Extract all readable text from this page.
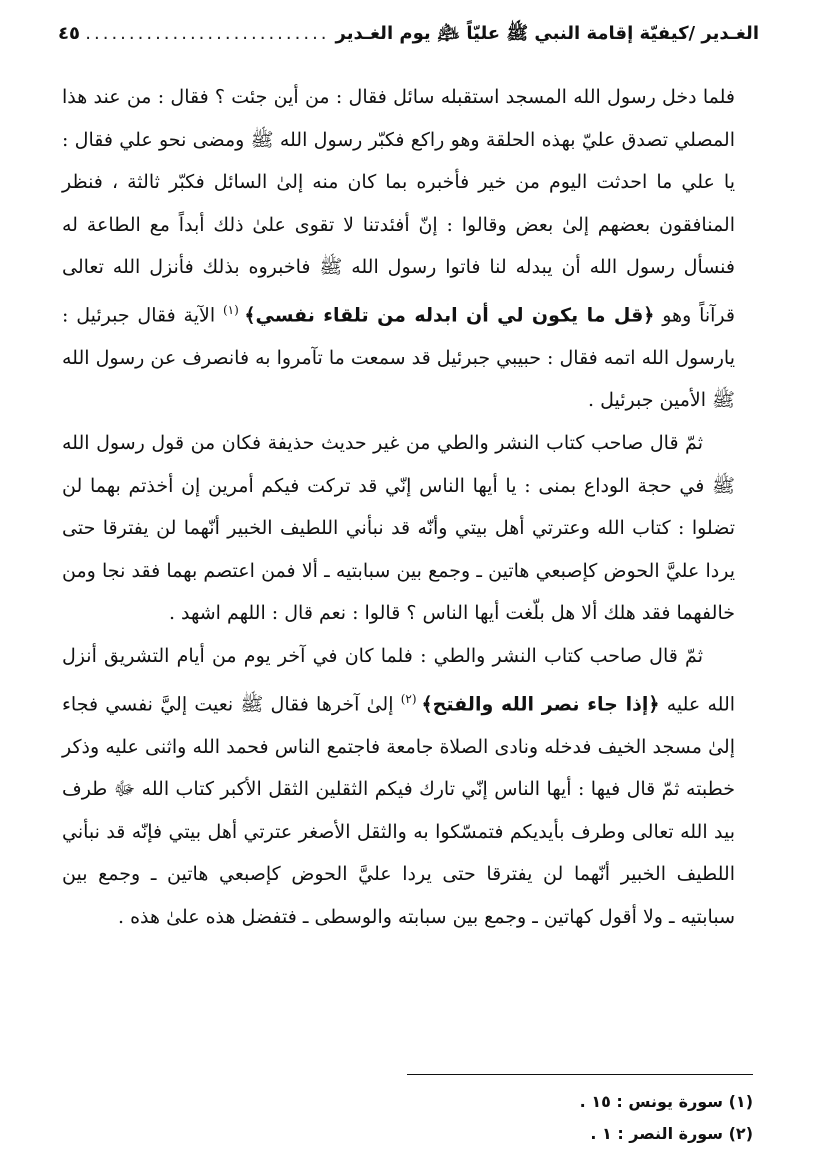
الغـدير /كيفيّة إقامة النبي ﷺ عليّاً ﵇ يوم الغـدير
.....
٤٥

فلما دخل رسول الله المسجد استقبله سائل فقال : من أين جئت ؟ فقال : من عند هذا المصلي تصدق عليّ بهذه الحلقة وهو راكع فكبّر رسول الله ﷺ ومضى نحو علي فقال : يا علي ما احدثت اليوم من خير فأخبره بما كان منه إلىٰ السائل فكبّر ثالثة ، فنظر المنافقون بعضهم إلىٰ بعض وقالوا : إنّ أفئدتنا لا تقوى علىٰ ذلك أبداً مع الطاعة له فنسأل رسول الله أن يبدله لنا فاتوا رسول الله ﷺ فاخبروه بذلك فأنزل الله تعالى قرآناً وهو ﴿قل ما يكون لي أن ابدله من تلقاء نفسي﴾ $^{(١)}$ الآية فقال جبرئيل : يارسول الله اتمه فقال : حبيبي جبرئيل قد سمعت ما تآمروا به فانصرف عن رسول الله ﷺ الأمين جبرئيل .

ثمّ قال صاحب كتاب النشر والطي من غير حديث حذيفة فكان من قول رسول الله ﷺ في حجة الوداع بمنى : يا أيها الناس إنّي قد تركت فيكم أمرين إن أخذتم بهما لن تضلوا : كتاب الله وعترتي أهل بيتي وأنّه قد نبأني اللطيف الخبير أنّهما لن يفترقا حتى يردا عليَّ الحوض كإصبعي هاتين ـ وجمع بين سبابتيه ـ ألا فمن اعتصم بهما فقد نجا ومن خالفهما فقد هلك ألا هل بلّغت أيها الناس ؟ قالوا : نعم قال : اللهم اشهد .

ثمّ قال صاحب كتاب النشر والطي : فلما كان في آخر يوم من أيام التشريق أنزل الله عليه ﴿إذا جاء نصر الله والفتح﴾ $^{(٢)}$ إلىٰ آخرها فقال ﷺ نعيت إليَّ نفسي فجاء إلىٰ مسجد الخيف فدخله ونادى الصلاة جامعة فاجتمع الناس فحمد الله واثنى عليه وذكر خطبته ثمّ قال فيها : أيها الناس إنّي تارك فيكم الثقلين الثقل الأكبر كتاب الله ﷻ طرف بيد الله تعالى وطرف بأيديكم فتمسّكوا به والثقل الأصغر عترتي أهل بيتي فإنّه قد نبأني اللطيف الخبير أنّهما لن يفترقا حتى يردا عليَّ الحوض كإصبعي هاتين ـ وجمع بين سبابتيه ـ ولا أقول كهاتين ـ وجمع بين سبابته والوسطى ـ فتفضل هذه علىٰ هذه .

(١) سورة يونس : ١٥ .
(٢) سورة النصر : ١ .
